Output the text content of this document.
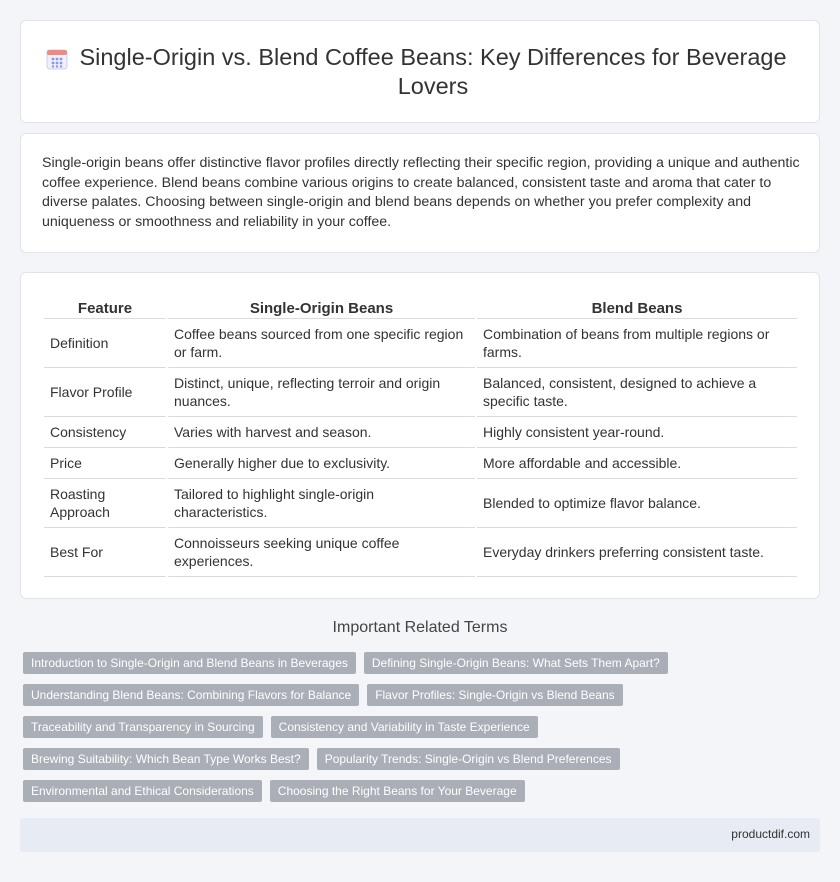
Single-Origin vs. Blend Coffee Beans: Key Differences for Beverage Lovers

Single-origin beans offer distinctive flavor profiles directly reflecting their specific region, providing a unique and authentic coffee experience. Blend beans combine various origins to create balanced, consistent taste and aroma that cater to diverse palates. Choosing between single-origin and blend beans depends on whether you prefer complexity and uniqueness or smoothness and reliability in your coffee.

Feature	Single-Origin Beans	Blend Beans
Definition	Coffee beans sourced from one specific region or farm.	Combination of beans from multiple regions or farms.
Flavor Profile	Distinct, unique, reflecting terroir and origin nuances.	Balanced, consistent, designed to achieve a specific taste.
Consistency	Varies with harvest and season.	Highly consistent year-round.
Price	Generally higher due to exclusivity.	More affordable and accessible.
Roasting Approach	Tailored to highlight single-origin characteristics.	Blended to optimize flavor balance.
Best For	Connoisseurs seeking unique coffee experiences.	Everyday drinkers preferring consistent taste.
Important Related Terms
Introduction to Single-Origin and Blend Beans in Beverages	Defining Single-Origin Beans: What Sets Them Apart?
Understanding Blend Beans: Combining Flavors for Balance	Flavor Profiles: Single-Origin vs Blend Beans
Traceability and Transparency in Sourcing	Consistency and Variability in Taste Experience
Brewing Suitability: Which Bean Type Works Best?	Popularity Trends: Single-Origin vs Blend Preferences
Environmental and Ethical Considerations	Choosing the Right Beans for Your Beverage
productdif.com
